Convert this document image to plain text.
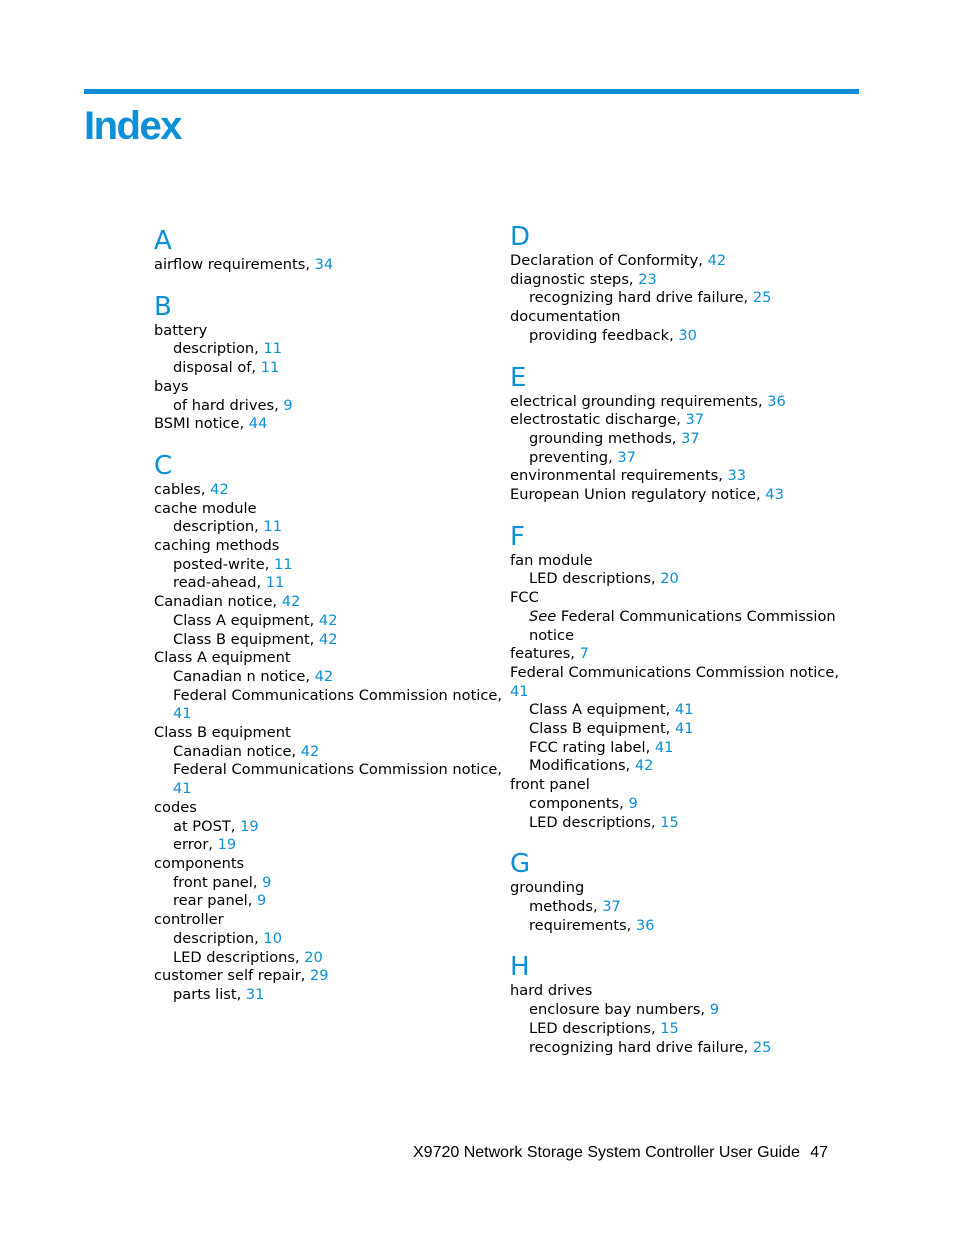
Index
A
airflow requirements, 34
B
battery
description, 11
disposal of, 11
bays
of hard drives, 9
BSMI notice, 44
C
cables, 42
cache module
description, 11
caching methods
posted-write, 11
read-ahead, 11
Canadian notice, 42
Class A equipment, 42
Class B equipment, 42
Class A equipment
Canadian n notice, 42
Federal Communications Commission notice,
41
Class B equipment
Canadian notice, 42
Federal Communications Commission notice,
41
codes
at POST, 19
error, 19
components
front panel, 9
rear panel, 9
controller
description, 10
LED descriptions, 20
customer self repair, 29
parts list, 31
D
Declaration of Conformity, 42
diagnostic steps, 23
recognizing hard drive failure, 25
documentation
providing feedback, 30
E
electrical grounding requirements, 36
electrostatic discharge, 37
grounding methods, 37
preventing, 37
environmental requirements, 33
European Union regulatory notice, 43
F
fan module
LED descriptions, 20
FCC
See Federal Communications Commission
notice
features, 7
Federal Communications Commission notice,
41
Class A equipment, 41
Class B equipment, 41
FCC rating label, 41
Modifications, 42
front panel
components, 9
LED descriptions, 15
G
grounding
methods, 37
requirements, 36
H
hard drives
enclosure bay numbers, 9
LED descriptions, 15
recognizing hard drive failure, 25
X9720 Network Storage System Controller User Guide 47
